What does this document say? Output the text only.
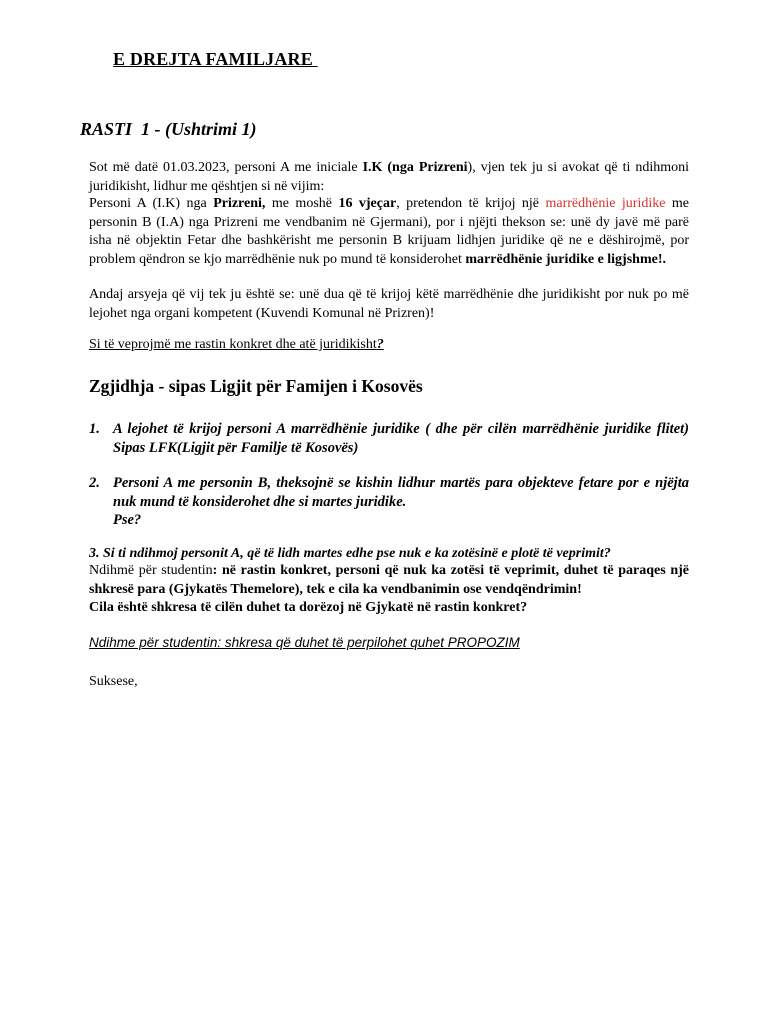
E DREJTA FAMILJARE
RASTI  1 - (Ushtrimi 1)
Sot më datë 01.03.2023, personi A me iniciale I.K (nga Prizreni), vjen tek ju si avokat që ti ndihmoni juridikisht, lidhur me qështjen si në vijim:
Personi A (I.K) nga Prizreni, me moshë 16 vjeçar, pretendon të krijoj një marrëdhënie juridike me personin B (I.A) nga Prizreni me vendbanim në Gjermani), por i njëjti thekson se: unë dy javë më parë isha në objektin Fetar dhe bashkërisht me personin B krijuam lidhjen juridike që ne e dëshirojmë, por problem qëndron se kjo marrëdhënie nuk po mund të konsiderohet marrëdhënie juridike e ligjshme!.
Andaj arsyeja që vij tek ju është se: unë dua që të krijoj këtë marrëdhënie dhe juridikisht por nuk po më lejohet nga organi kompetent (Kuvendi Komunal në Prizren)!
Si të veprojmë me rastin konkret dhe atë juridikisht?
Zgjidhja - sipas Ligjit për Famijen i Kosovës
1. A lejohet të krijoj personi A marrëdhënie juridike ( dhe për cilën marrëdhënie juridike flitet) Sipas LFK(Ligjit për Familje të Kosovës)
2. Personi A me personin B, theksojnë se kishin lidhur martës para objekteve fetare por e njëjta nuk mund të konsiderohet dhe si martes juridike.
Pse?
3. Si ti ndihmoj personit A, që të lidh martes edhe pse nuk e ka zotësinë e plotë të veprimit?
Ndihmë për studentin: në rastin konkret, personi që nuk ka zotësi të veprimit, duhet të paraqes një shkresë para (Gjykatës Themelore), tek e cila ka vendbanimin ose vendqëndrimin!
Cila është shkresa të cilën duhet ta dorëzoj në Gjykatë në rastin konkret?
Ndihme për studentin: shkresa që duhet të perpilohet quhet PROPOZIM
Suksese,
